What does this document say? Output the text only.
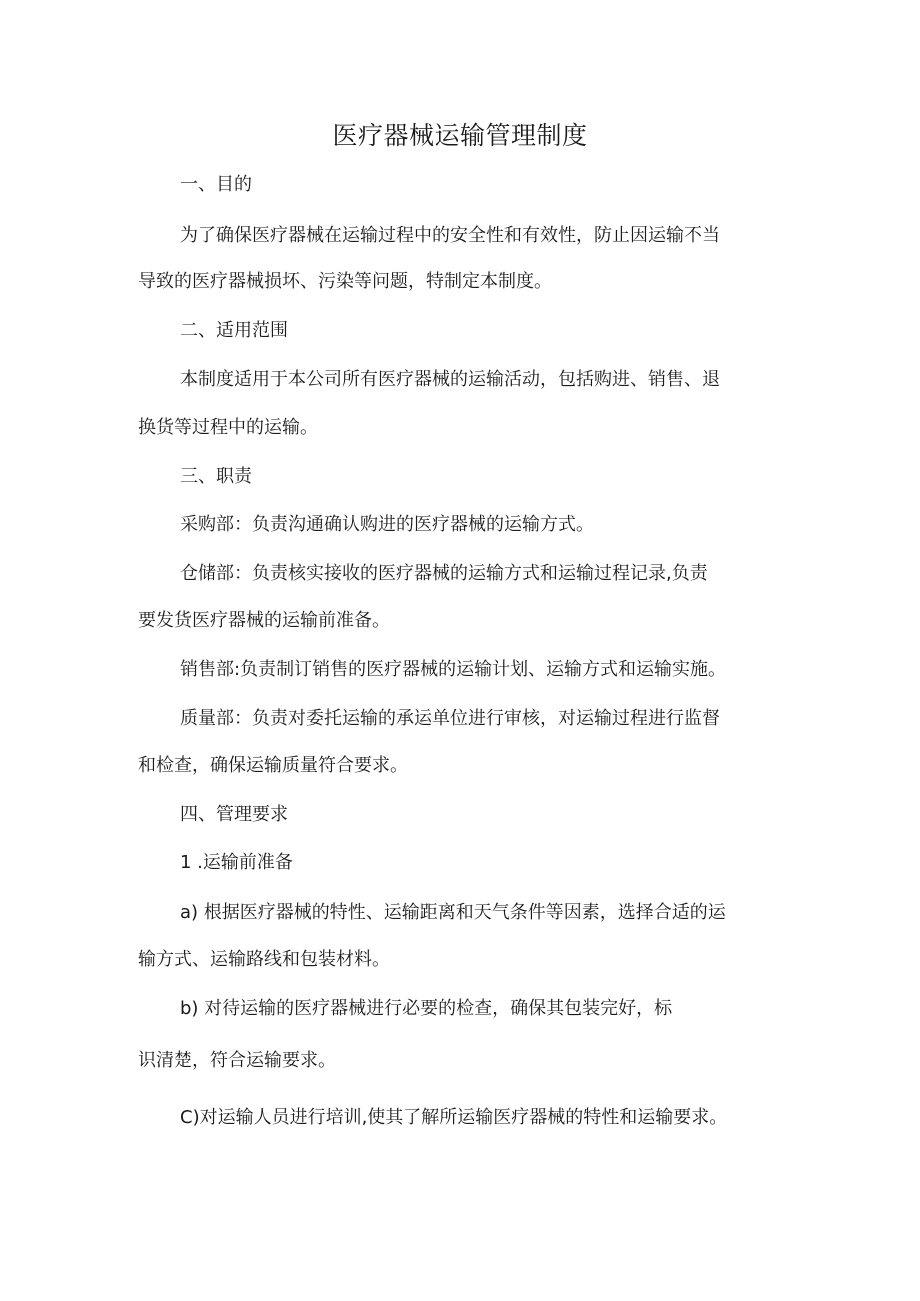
医疗器械运输管理制度
一、目的
为了确保医疗器械在运输过程中的安全性和有效性，防止因运输不当
导致的医疗器械损坏、污染等问题，特制定本制度。
二、适用范围
本制度适用于本公司所有医疗器械的运输活动，包括购进、销售、退
换货等过程中的运输。
三、职责
采购部：负责沟通确认购进的医疗器械的运输方式。
仓储部：负责核实接收的医疗器械的运输方式和运输过程记录,负责
要发货医疗器械的运输前准备。
销售部:负责制订销售的医疗器械的运输计划、运输方式和运输实施。
质量部：负责对委托运输的承运单位进行审核，对运输过程进行监督
和检查，确保运输质量符合要求。
四、管理要求
1 .运输前准备
a) 根据医疗器械的特性、运输距离和天气条件等因素，选择合适的运
输方式、运输路线和包装材料。
b) 对待运输的医疗器械进行必要的检查，确保其包装完好，标
识清楚，符合运输要求。
C)对运输人员进行培训,使其了解所运输医疗器械的特性和运输要求。
